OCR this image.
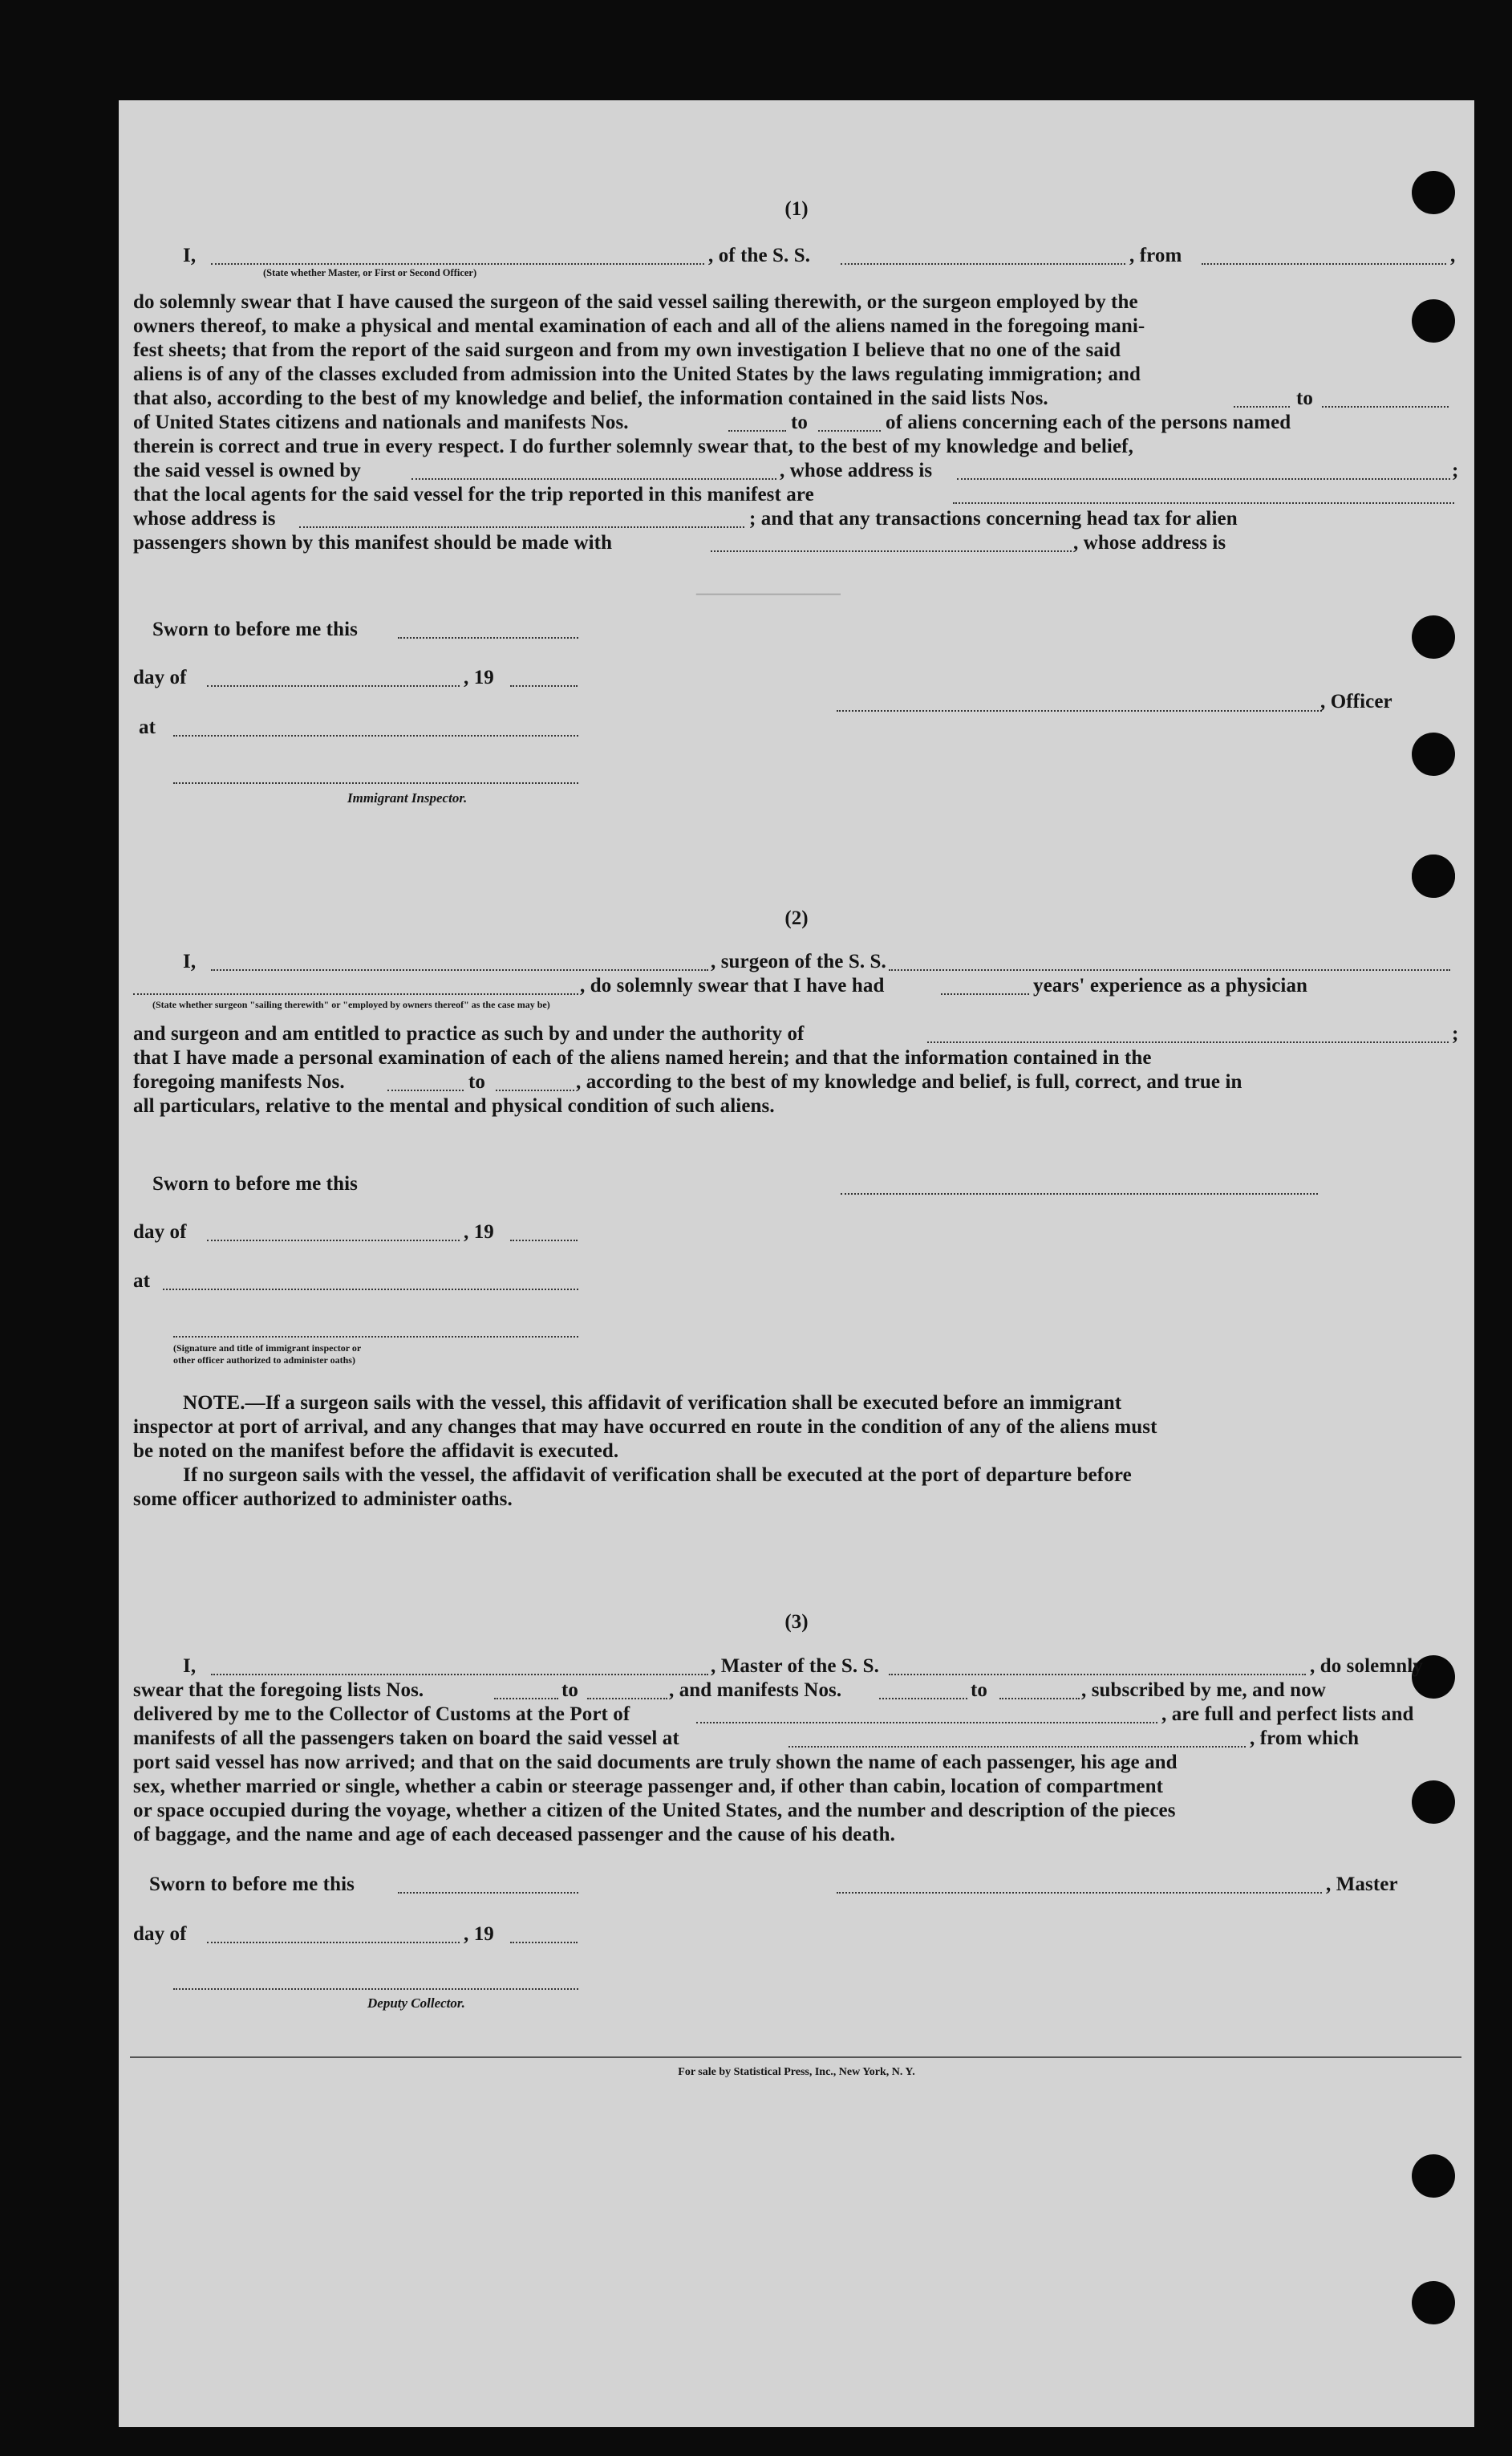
────────────
(1)
I,	, of the S. S.	, from	,
(State whether Master, or First or Second Officer)
do solemnly swear that I have caused the surgeon of the said vessel sailing therewith, or the surgeon employed by the
owners thereof, to make a physical and mental examination of each and all of the aliens named in the foregoing mani-
fest sheets; that from the report of the said surgeon and from my own investigation I believe that no one of the said
aliens is of any of the classes excluded from admission into the United States by the laws regulating immigration; and
that also, according to the best of my knowledge and belief, the information contained in the said lists Nos.	to
of United States citizens and nationals and manifests Nos.	to	of aliens concerning each of the persons named
therein is correct and true in every respect. I do further solemnly swear that, to the best of my knowledge and belief,
the said vessel is owned by	, whose address is	;
that the local agents for the said vessel for the trip reported in this manifest are
whose address is	; and that any transactions concerning head tax for alien
passengers shown by this manifest should be made with	, whose address is
Sworn to before me this
day of	, 19
at
, Officer
Immigrant Inspector.
(2)
I,	, surgeon of the S. S.
, do solemnly swear that I have had	years' experience as a physician
(State whether surgeon "sailing therewith" or "employed by owners thereof" as the case may be)
and surgeon and am entitled to practice as such by and under the authority of	;
that I have made a personal examination of each of the aliens named herein; and that the information contained in the
foregoing manifests Nos.	to	, according to the best of my knowledge and belief, is full, correct, and true in
all particulars, relative to the mental and physical condition of such aliens.
Sworn to before me this
day of	, 19
at
(Signature and title of immigrant inspector or
other officer authorized to administer oaths)
NOTE.—If a surgeon sails with the vessel, this affidavit of verification shall be executed before an immigrant
inspector at port of arrival, and any changes that may have occurred en route in the condition of any of the aliens must
be noted on the manifest before the affidavit is executed.
If no surgeon sails with the vessel, the affidavit of verification shall be executed at the port of departure before
some officer authorized to administer oaths.
(3)
I,	, Master of the S. S.	, do solemnly
swear that the foregoing lists Nos.	to	, and manifests Nos.	to	, subscribed by me, and now
delivered by me to the Collector of Customs at the Port of	, are full and perfect lists and
manifests of all the passengers taken on board the said vessel at	, from which
port said vessel has now arrived; and that on the said documents are truly shown the name of each passenger, his age and
sex, whether married or single, whether a cabin or steerage passenger and, if other than cabin, location of compartment
or space occupied during the voyage, whether a citizen of the United States, and the number and description of the pieces
of baggage, and the name and age of each deceased passenger and the cause of his death.
Sworn to before me this	, Master
day of	, 19
Deputy Collector.
For sale by Statistical Press, Inc., New York, N. Y.
